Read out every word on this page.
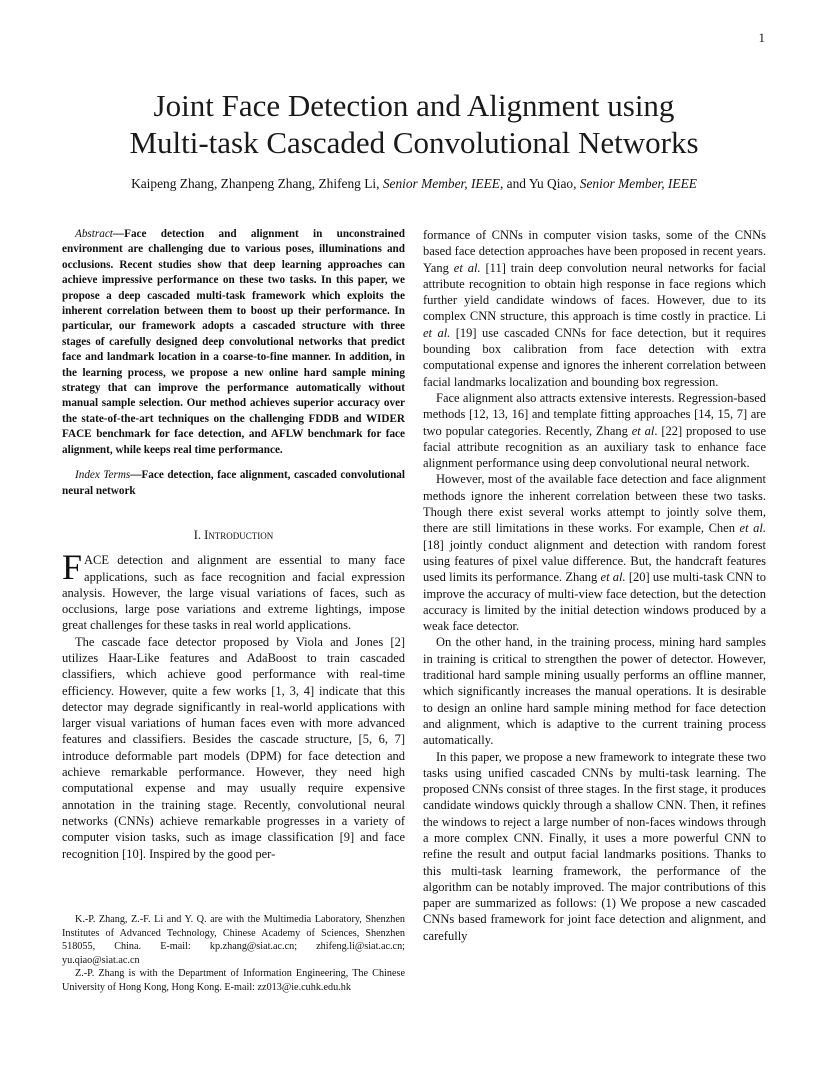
1
Joint Face Detection and Alignment using
Multi-task Cascaded Convolutional Networks
Kaipeng Zhang, Zhanpeng Zhang, Zhifeng Li, Senior Member, IEEE, and Yu Qiao, Senior Member, IEEE

Abstract—Face detection and alignment in unconstrained environment are challenging due to various poses, illuminations and occlusions. Recent studies show that deep learning approaches can achieve impressive performance on these two tasks. In this paper, we propose a deep cascaded multi-task framework which exploits the inherent correlation between them to boost up their performance. In particular, our framework adopts a cascaded structure with three stages of carefully designed deep convolutional networks that predict face and landmark location in a coarse-to-fine manner. In addition, in the learning process, we propose a new online hard sample mining strategy that can improve the performance automatically without manual sample selection. Our method achieves superior accuracy over the state-of-the-art techniques on the challenging FDDB and WIDER FACE benchmark for face detection, and AFLW benchmark for face alignment, while keeps real time performance.

Index Terms—Face detection, face alignment, cascaded convolutional neural network

I. Introduction

FACE detection and alignment are essential to many face applications, such as face recognition and facial expression analysis. However, the large visual variations of faces, such as occlusions, large pose variations and extreme lightings, impose great challenges for these tasks in real world applications.

The cascade face detector proposed by Viola and Jones [2] utilizes Haar-Like features and AdaBoost to train cascaded classifiers, which achieve good performance with real-time efficiency. However, quite a few works [1, 3, 4] indicate that this detector may degrade significantly in real-world applications with larger visual variations of human faces even with more advanced features and classifiers. Besides the cascade structure, [5, 6, 7] introduce deformable part models (DPM) for face detection and achieve remarkable performance. However, they need high computational expense and may usually require expensive annotation in the training stage. Recently, convolutional neural networks (CNNs) achieve remarkable progresses in a variety of computer vision tasks, such as image classification [9] and face recognition [10]. Inspired by the good per-

K.-P. Zhang, Z.-F. Li and Y. Q. are with the Multimedia Laboratory, Shenzhen Institutes of Advanced Technology, Chinese Academy of Sciences, Shenzhen 518055, China. E-mail: kp.zhang@siat.ac.cn; zhifeng.li@siat.ac.cn; yu.qiao@siat.ac.cn

Z.-P. Zhang is with the Department of Information Engineering, The Chinese University of Hong Kong, Hong Kong. E-mail: zz013@ie.cuhk.edu.hk

formance of CNNs in computer vision tasks, some of the CNNs based face detection approaches have been proposed in recent years. Yang et al. [11] train deep convolution neural networks for facial attribute recognition to obtain high response in face regions which further yield candidate windows of faces. However, due to its complex CNN structure, this approach is time costly in practice. Li et al. [19] use cascaded CNNs for face detection, but it requires bounding box calibration from face detection with extra computational expense and ignores the inherent correlation between facial landmarks localization and bounding box regression.

Face alignment also attracts extensive interests. Regression-based methods [12, 13, 16] and template fitting approaches [14, 15, 7] are two popular categories. Recently, Zhang et al. [22] proposed to use facial attribute recognition as an auxiliary task to enhance face alignment performance using deep convolutional neural network.

However, most of the available face detection and face alignment methods ignore the inherent correlation between these two tasks. Though there exist several works attempt to jointly solve them, there are still limitations in these works. For example, Chen et al. [18] jointly conduct alignment and detection with random forest using features of pixel value difference. But, the handcraft features used limits its performance. Zhang et al. [20] use multi-task CNN to improve the accuracy of multi-view face detection, but the detection accuracy is limited by the initial detection windows produced by a weak face detector.

On the other hand, in the training process, mining hard samples in training is critical to strengthen the power of detector. However, traditional hard sample mining usually performs an offline manner, which significantly increases the manual operations. It is desirable to design an online hard sample mining method for face detection and alignment, which is adaptive to the current training process automatically.

In this paper, we propose a new framework to integrate these two tasks using unified cascaded CNNs by multi-task learning. The proposed CNNs consist of three stages. In the first stage, it produces candidate windows quickly through a shallow CNN. Then, it refines the windows to reject a large number of non-faces windows through a more complex CNN. Finally, it uses a more powerful CNN to refine the result and output facial landmarks positions. Thanks to this multi-task learning framework, the performance of the algorithm can be notably improved. The major contributions of this paper are summarized as follows: (1) We propose a new cascaded CNNs based framework for joint face detection and alignment, and carefully
